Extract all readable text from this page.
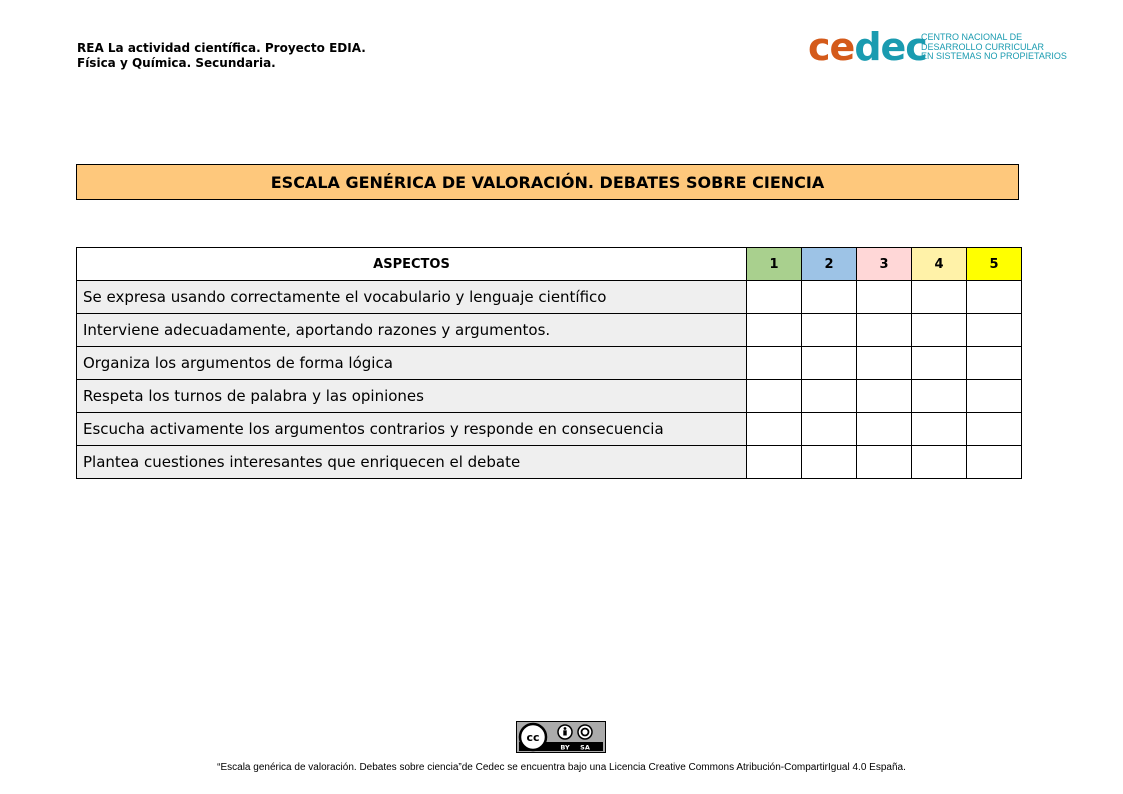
REA La actividad científica. Proyecto EDIA.
Física y Química. Secundaria.	cedec
CENTRO NACIONAL DE
DESARROLLO CURRICULAR
EN SISTEMAS NO PROPIETARIOS
ESCALA GENÉRICA DE VALORACIÓN. DEBATES SOBRE CIENCIA
ASPECTOS	1	2	3	4	5
Se expresa usando correctamente el vocabulario y lenguaje científico					
Interviene adecuadamente, aportando razones y argumentos.					
Organiza los argumentos de forma lógica					
Respeta los turnos de palabra y las opiniones					
Escucha activamente los argumentos contrarios y responde en consecuencia					
Plantea cuestiones interesantes que enriquecen el debate					
cc
BY SA
“Escala genérica de valoración. Debates sobre ciencia”de Cedec se encuentra bajo una Licencia Creative Commons Atribución-CompartirIgual 4.0 España.
